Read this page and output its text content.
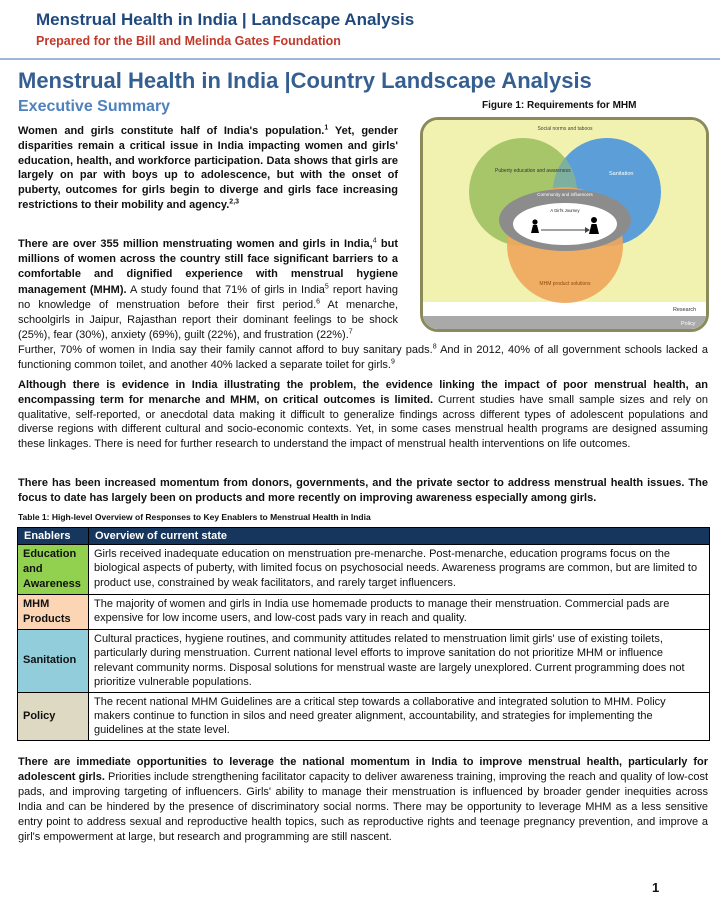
Menstrual Health in India | Landscape Analysis
Prepared for the Bill and Melinda Gates Foundation
Menstrual Health in India |Country Landscape Analysis
Executive Summary	Figure 1: Requirements for MHM
Social norms and taboos
Puberty education and awareness	Sanitation
Community and influencers
A Girl's Journey
MHM product solutions
Research
Policy
Women and girls constitute half of India's population.$^1$ Yet, gender disparities remain a critical issue in India impacting women and girls' education, health, and workforce participation. Data shows that girls are largely on par with boys up to adolescence, but with the onset of puberty, outcomes for girls begin to diverge and girls face increasing restrictions to their mobility and agency.$^{2,3}$
There are over 355 million menstruating women and girls in India,$^4$ but millions of women across the country still face significant barriers to a comfortable and dignified experience with menstrual hygiene management (MHM). A study found that 71% of girls in India$^5$ report having no knowledge of menstruation before their first period.$^6$ At menarche, schoolgirls in Jaipur, Rajasthan report their dominant feelings to be shock (25%), fear (30%), anxiety (69%), guilt (22%), and frustration (22%).$^7$
Further, 70% of women in India say their family cannot afford to buy sanitary pads.$^8$ And in 2012, 40% of all government schools lacked a functioning common toilet, and another 40% lacked a separate toilet for girls.$^9$
Although there is evidence in India illustrating the problem, the evidence linking the impact of poor menstrual health, an encompassing term for menarche and MHM, on critical outcomes is limited. Current studies have small sample sizes and rely on qualitative, self-reported, or anecdotal data making it difficult to generalize findings across different types of adolescent populations and diverse regions with different cultural and socio-economic contexts. Yet, in some cases menstrual health programs are designed assuming these linkages. There is need for further research to understand the impact of menstrual health interventions on life outcomes.
There has been increased momentum from donors, governments, and the private sector to address menstrual health issues. The focus to date has largely been on products and more recently on improving awareness especially among girls.
Table 1: High-level Overview of Responses to Key Enablers to Menstrual Health in India
Enablers	Overview of current state
Education and Awareness	Girls received inadequate education on menstruation pre-menarche. Post-menarche, education programs focus on the biological aspects of puberty, with limited focus on psychosocial needs. Awareness programs are common, but are limited to product use, constrained by weak facilitators, and rarely target influencers.
MHM Products	The majority of women and girls in India use homemade products to manage their menstruation. Commercial pads are expensive for low income users, and low-cost pads vary in reach and quality.
Sanitation	Cultural practices, hygiene routines, and community attitudes related to menstruation limit girls' use of existing toilets, particularly during menstruation. Current national level efforts to improve sanitation do not prioritize MHM or influence relevant community norms. Disposal solutions for menstrual waste are largely unexplored. Current programming does not prioritize vulnerable populations.
Policy	The recent national MHM Guidelines are a critical step towards a collaborative and integrated solution to MHM. Policy makers continue to function in silos and need greater alignment, accountability, and strategies for implementing the guidelines at the state level.
There are immediate opportunities to leverage the national momentum in India to improve menstrual health, particularly for adolescent girls. Priorities include strengthening facilitator capacity to deliver awareness training, improving the reach and quality of low-cost pads, and improving targeting of influencers. Girls' ability to manage their menstruation is influenced by broader gender inequities across India and can be hindered by the presence of discriminatory social norms. There may be opportunity to leverage MHM as a less sensitive entry point to address sexual and reproductive health topics, such as reproductive rights and teenage pregnancy prevention, and improve a girl's empowerment at large, but research and programming are still nascent.
1
